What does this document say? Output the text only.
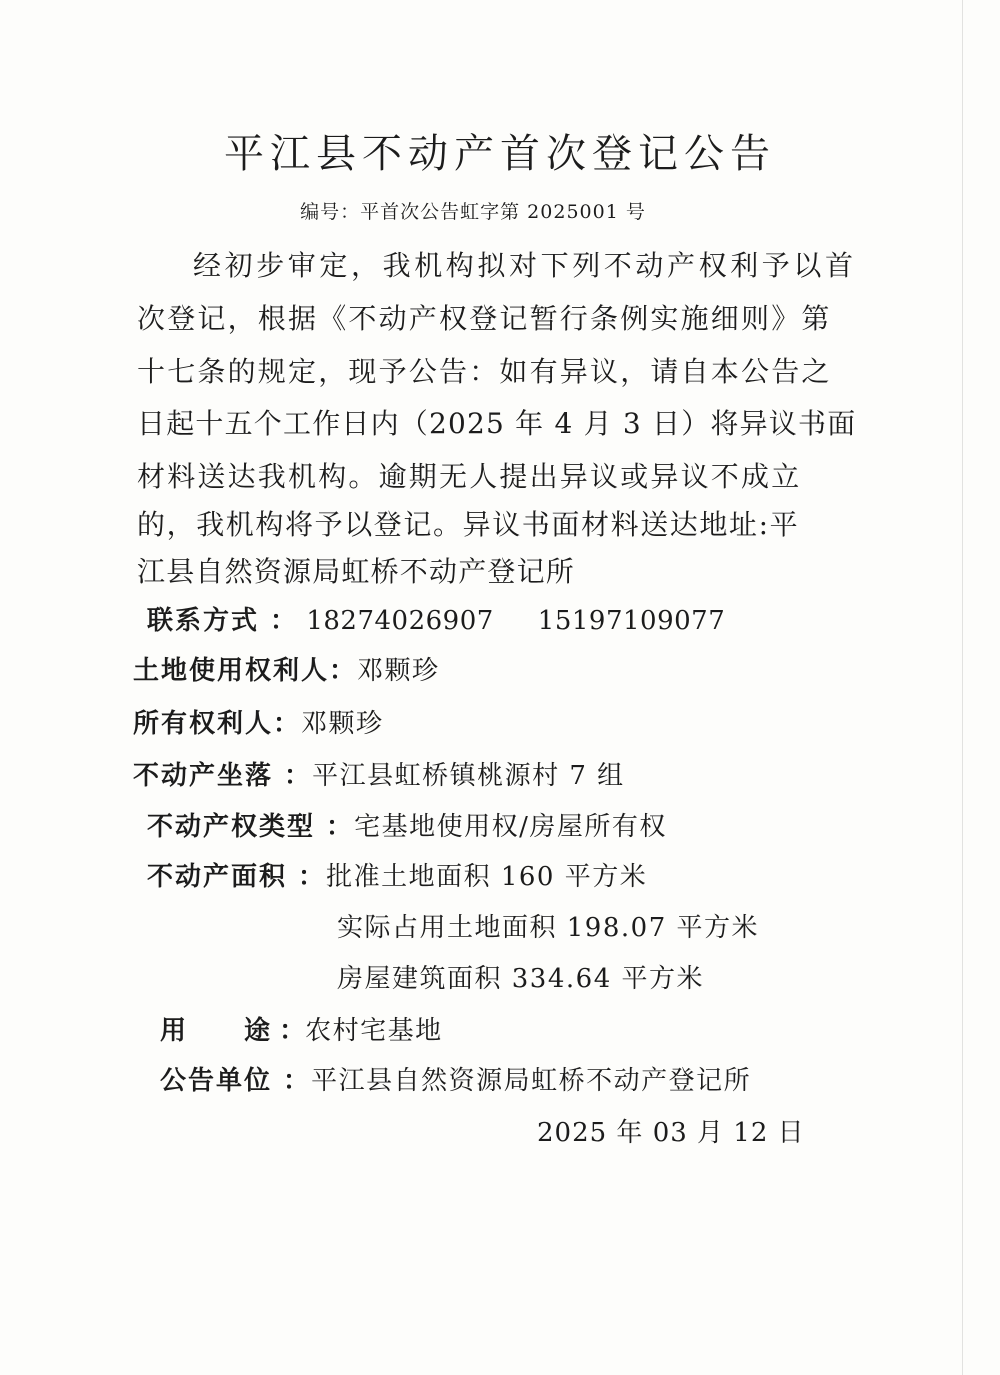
平江县不动产首次登记公告
编号：平首次公告虹字第 2025001 号
经初步审定，我机构拟对下列不动产权利予以首
次登记，根据《不动产权登记暂行条例实施细则》第
十七条的规定，现予公告：如有异议，请自本公告之
日起十五个工作日内（2025 年 4 月 3 日）将异议书面
材料送达我机构。逾期无人提出异议或异议不成立
的，我机构将予以登记。异议书面材料送达地址:平
江县自然资源局虹桥不动产登记所
联系方式 ： 18274026907 15197109077
土地使用权利人：邓颗珍
所有权利人：邓颗珍
不动产坐落 ：平江县虹桥镇桃源村 7 组
不动产权类型 ：宅基地使用权/房屋所有权
不动产面积 ：批准土地面积 160 平方米
实际占用土地面积 198.07 平方米
房屋建筑面积 334.64 平方米
用 途 ：农村宅基地
公告单位 ：平江县自然资源局虹桥不动产登记所
2025 年 03 月 12 日
